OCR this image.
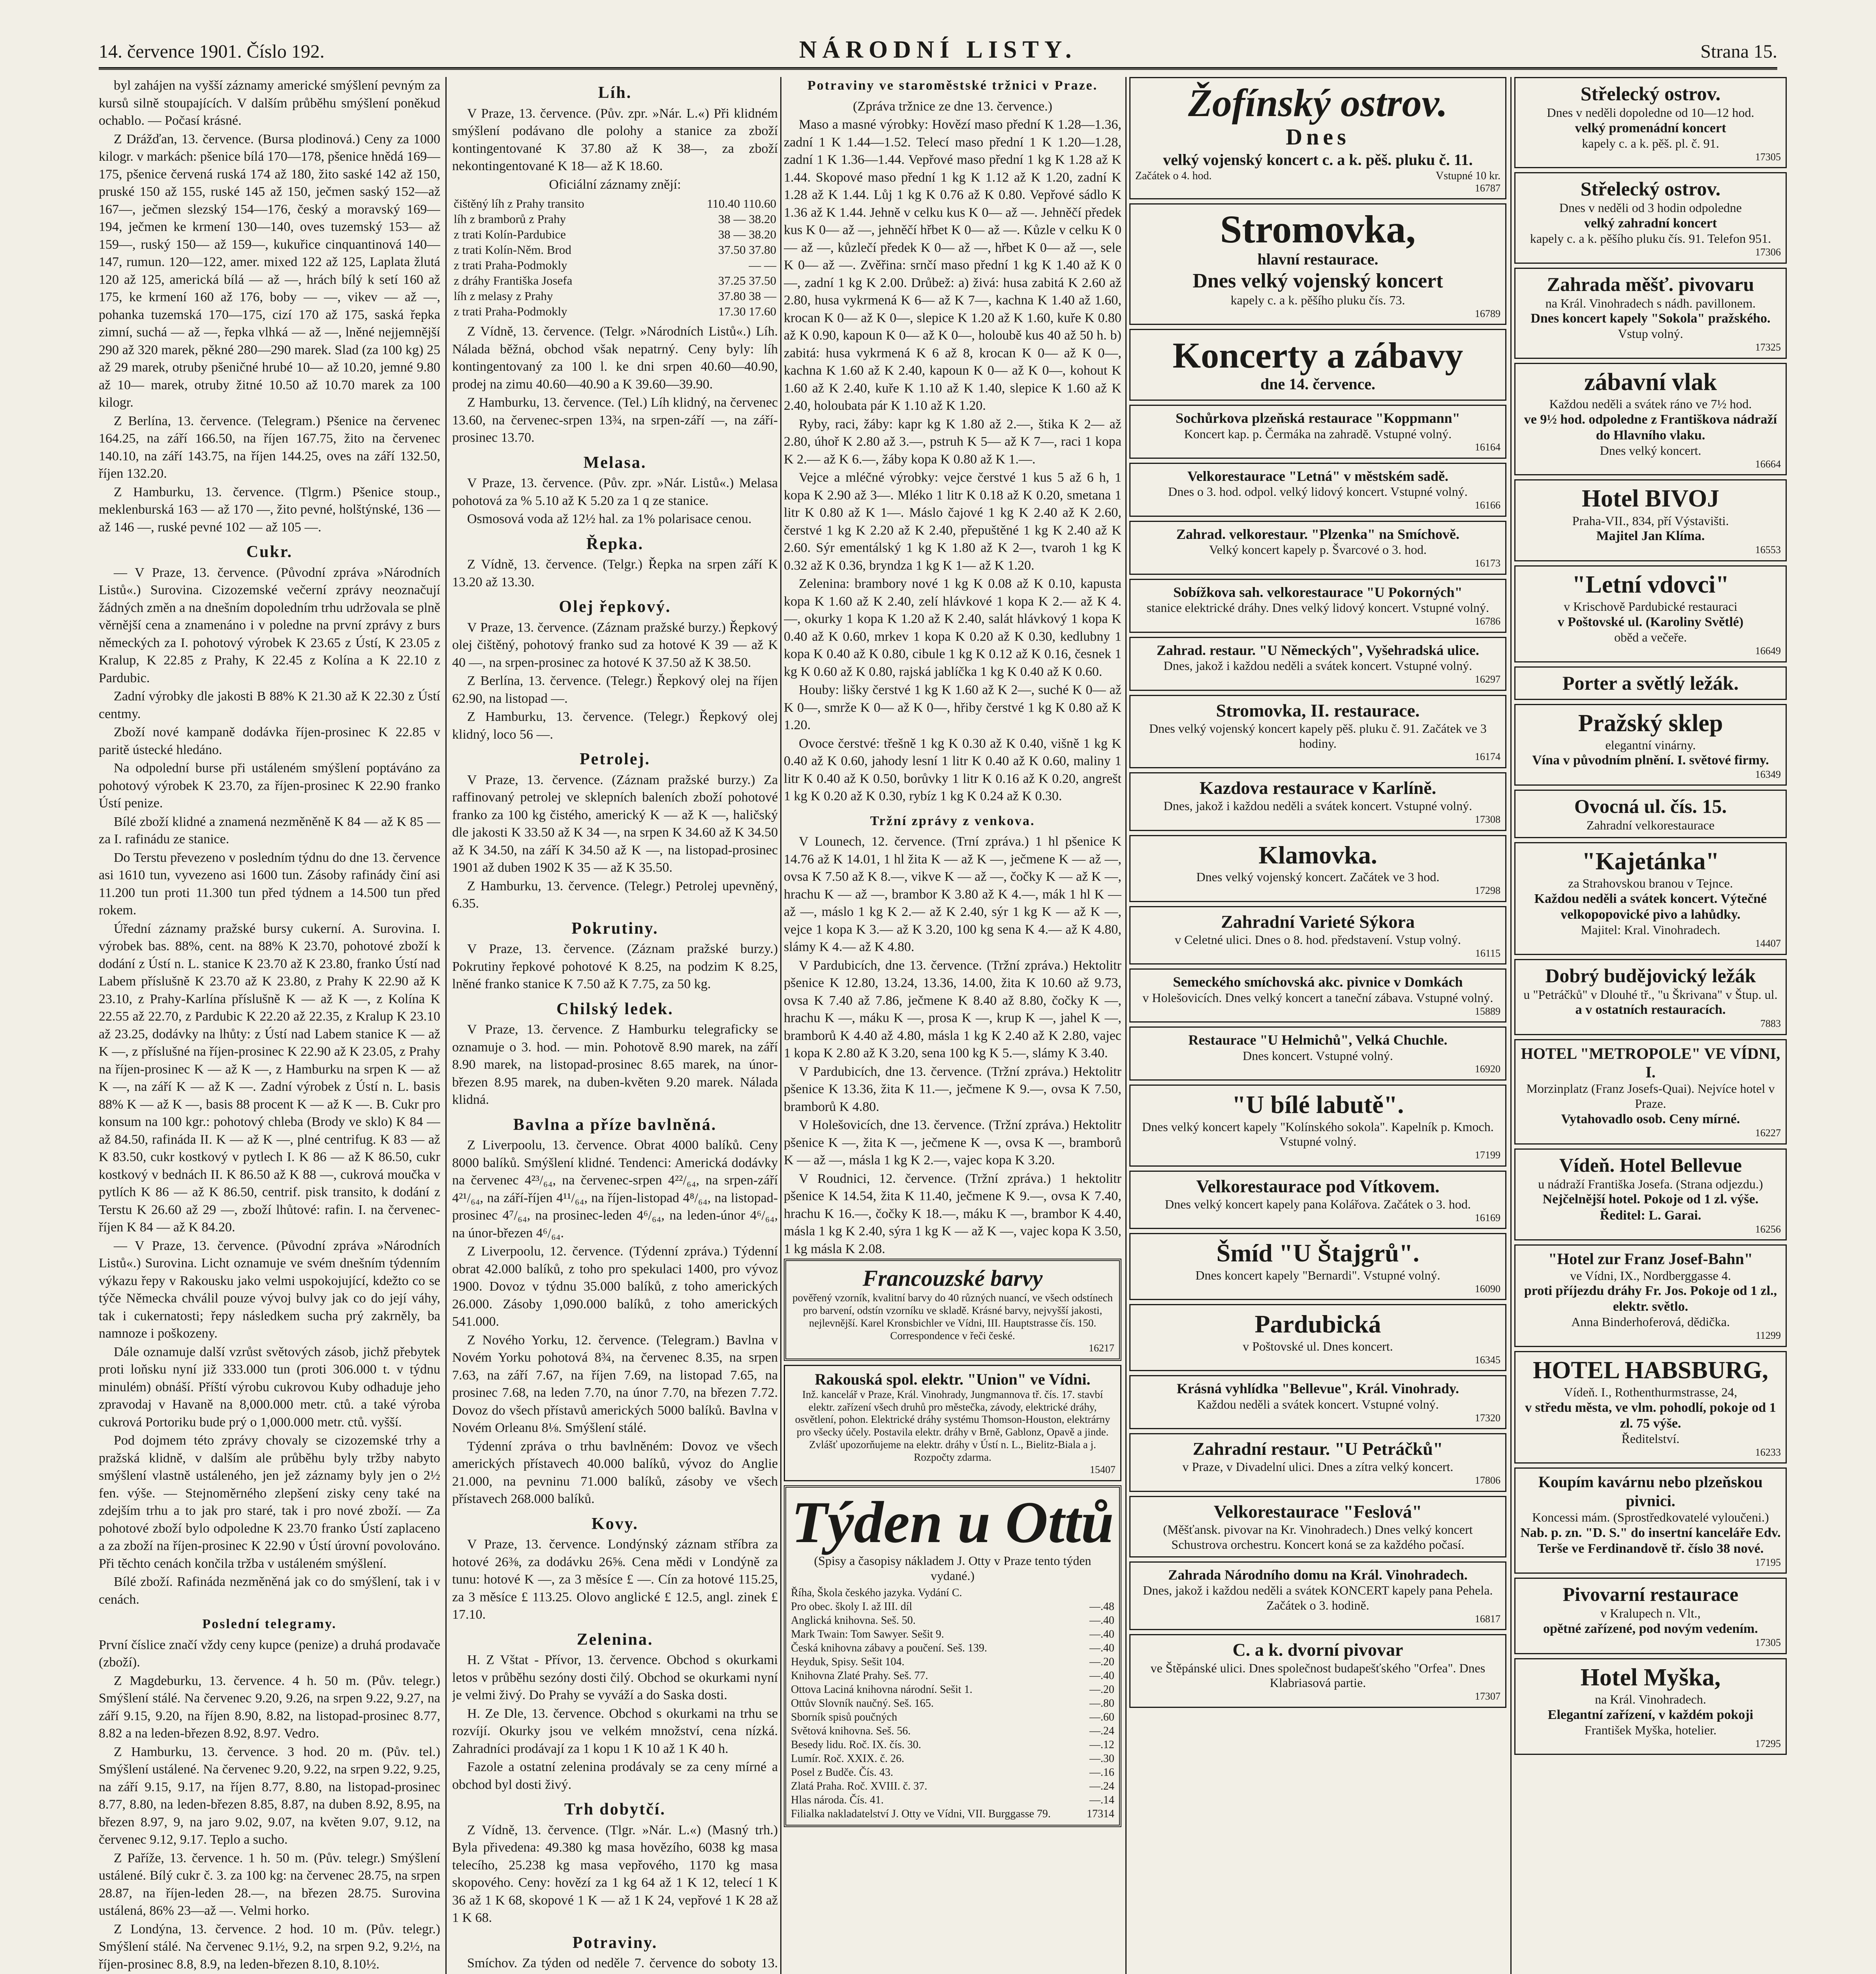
14. července 1901. Číslo 192.	NÁRODNÍ LISTY.	Strana 15.

byl zahájen na vyšší záznamy americké smýšlení pevným za kursů silně stoupajících. V dalším průběhu smýšlení poněkud ochablo. — Počasí krásné.

Z Drážďan, 13. července. (Bursa plodinová.) Ceny za 1000 kilogr. v markách: pšenice bílá 170—178, pšenice hnědá 169—175, pšenice červená ruská 174 až 180, žito saské 142 až 150, pruské 150 až 155, ruské 145 až 150, ječmen saský 152—až 167—, ječmen slezský 154—176, český a moravský 169—194, ječmen ke krmení 130—140, oves tuzemský 153— až 159—, ruský 150— až 159—, kukuřice cinquantinová 140—147, rumun. 120—122, amer. mixed 122 až 125, Laplata žlutá 120 až 125, americká bílá — až —, hrách bílý k setí 160 až 175, ke krmení 160 až 176, boby — —, vikev — až —, pohanka tuzemská 170—175, cizí 170 až 175, saská řepka zimní, suchá — až —, řepka vlhká — až —, lněné nejjemnější 290 až 320 marek, pěkné 280—290 marek. Slad (za 100 kg) 25 až 29 marek, otruby pšeničné hrubé 10— až 10.20, jemné 9.80 až 10— marek, otruby žitné 10.50 až 10.70 marek za 100 kilogr.

Z Berlína, 13. července. (Telegram.) Pšenice na červenec 164.25, na září 166.50, na říjen 167.75, žito na červenec 140.10, na září 143.75, na říjen 144.25, oves na září 132.50, říjen 132.20.

Z Hamburku, 13. července. (Tlgrm.) Pšenice stoup., meklenburská 163 — až 170 —, žito pevné, holštýnské, 136 — až 146 —, ruské pevné 102 — až 105 —.

Cukr.

— V Praze, 13. července. (Původní zpráva »Národních Listů«.) Surovina. Cizozemské večerní zprávy neoznačují žádných změn a na dnešním dopoledním trhu udržovala se plně věrnější cena a znamenáno i v poledne na první zprávy z burs německých za I. pohotový výrobek K 23.65 z Ústí, K 23.05 z Kralup, K 22.85 z Prahy, K 22.45 z Kolína a K 22.10 z Pardubic.

Zadní výrobky dle jakosti B 88% K 21.30 až K 22.30 z Ústí centmy.

Zboží nové kampaně dodávka říjen-prosinec K 22.85 v paritě ústecké hledáno.

Na odpolední burse při ustáleném smýšlení poptáváno za pohotový výrobek K 23.70, za říjen-prosinec K 22.90 franko Ústí penize.

Bílé zboží klidné a znamená nezměněně K 84 — až K 85 — za I. rafinádu ze stanice.

Do Terstu převezeno v posledním týdnu do dne 13. července asi 1610 tun, vyvezeno asi 1600 tun. Zásoby rafinády činí asi 11.200 tun proti 11.300 tun před týdnem a 14.500 tun před rokem.

Úřední záznamy pražské bursy cukerní. A. Surovina. I. výrobek bas. 88%, cent. na 88% K 23.70, pohotové zboží k dodání z Ústí n. L. stanice K 23.70 až K 23.80, franko Ústí nad Labem příslušně K 23.70 až K 23.80, z Prahy K 22.90 až K 23.10, z Prahy-Karlína příslušně K — až K —, z Kolína K 22.55 až 22.70, z Pardubic K 22.20 až 22.35, z Kralup K 23.10 až 23.25, dodávky na lhůty: z Ústí nad Labem stanice K — až K —, z příslušné na říjen-prosinec K 22.90 až K 23.05, z Prahy na říjen-prosinec K — až K —, z Hamburku na srpen K — až K —, na září K — až K —. Zadní výrobek z Ústí n. L. basis 88% K — až K —, basis 88 procent K — až K —. B. Cukr pro konsum na 100 kgr.: pohotový chleba (Brody ve sklo) K 84 — až 84.50, rafináda II. K — až K —, plné centrifug. K 83 — až K 83.50, cukr kostkový v pytlech I. K 86 — až K 86.50, cukr kostkový v bednách II. K 86.50 až K 88 —, cukrová moučka v pytlích K 86 — až K 86.50, centrif. pisk transito, k dodání z Terstu K 26.60 až 29 —, zboží lhůtové: rafin. I. na červenec-říjen K 84 — až K 84.20.

— V Praze, 13. července. (Původní zpráva »Národních Listů«.) Surovina. Licht oznamuje ve svém dnešním týdenním výkazu řepy v Rakousku jako velmi uspokojující, kdežto co se týče Německa chválil pouze vývoj bulvy jak co do její váhy, tak i cukernatosti; řepy následkem sucha prý zakrněly, ba namnoze i poškozeny.

Dále oznamuje další vzrůst světových zásob, jichž přebytek proti loňsku nyní již 333.000 tun (proti 306.000 t. v týdnu minulém) obnáší. Příští výrobu cukrovou Kuby odhaduje jeho zpravodaj v Havaně na 8,000.000 metr. ctů. a také výroba cukrová Portoriku bude prý o 1,000.000 metr. ctů. vyšší.

Pod dojmem této zprávy chovaly se cizozemské trhy a pražská klidně, v dalším ale průběhu byly tržby nabyto smýšlení vlastně ustáleného, jen jež záznamy byly jen o 2½ fen. výše. — Stejnoměrného zlepšení zisky ceny také na zdejším trhu a to jak pro staré, tak i pro nové zboží. — Za pohotové zboží bylo odpoledne K 23.70 franko Ústí zaplaceno a za zboží na říjen-prosinec K 22.90 v Ústí úrovní povolováno. Při těchto cenách končila tržba v ustáleném smýšlení.

Bílé zboží. Rafináda nezměněná jak co do smýšlení, tak i v cenách.

Poslední telegramy.

První číslice značí vždy ceny kupce (penize) a druhá prodavače (zboží).

Z Magdeburku, 13. července. 4 h. 50 m. (Pův. telegr.) Smýšlení stálé. Na červenec 9.20, 9.26, na srpen 9.22, 9.27, na září 9.15, 9.20, na říjen 8.90, 8.82, na listopad-prosinec 8.77, 8.82 a na leden-březen 8.92, 8.97. Vedro.

Z Hamburku, 13. července. 3 hod. 20 m. (Pův. tel.) Smýšlení ustálené. Na červenec 9.20, 9.22, na srpen 9.22, 9.25, na září 9.15, 9.17, na říjen 8.77, 8.80, na listopad-prosinec 8.77, 8.80, na leden-březen 8.85, 8.87, na duben 8.92, 8.95, na březen 8.97, 9, na jaro 9.02, 9.07, na květen 9.07, 9.12, na červenec 9.12, 9.17. Teplo a sucho.

Z Paříže, 13. července. 1 h. 50 m. (Pův. telegr.) Smýšlení ustálené. Bílý cukr č. 3. za 100 kg: na červenec 28.75, na srpen 28.87, na říjen-leden 28.—, na březen 28.75. Surovina ustálená, 86% 23—až —. Velmi horko.

Z Londýna, 13. července. 2 hod. 10 m. (Pův. telegr.) Smýšlení stálé. Na červenec 9.1½, 9.2, na srpen 9.2, 9.2½, na říjen-prosinec 8.8, 8.9, na leden-březen 8.10, 8.10½.

Líh.

V Praze, 13. července. (Pův. zpr. »Nár. L.«) Při klidném smýšlení podávano dle polohy a stanice za zboží kontingentované K 37.80 až K 38—, za zboží nekontingentované K 18— až K 18.60.

Oficiální záznamy znějí:

čištěný líh z Prahy transito	110.40 110.60
líh z bramborů z Prahy	38 — 38.20
z trati Kolín-Pardubice	38 — 38.20
z trati Kolín-Něm. Brod	37.50 37.80
z trati Praha-Podmokly	— —
z dráhy Františka Josefa	37.25 37.50
líh z melasy z Prahy	37.80 38 —
z trati Praha-Podmokly	17.30 17.60

Z Vídně, 13. července. (Telgr. »Národních Listů«.) Líh. Nálada běžná, obchod však nepatrný. Ceny byly: líh kontingentovaný za 100 l. ke dni srpen 40.60—40.90, prodej na zimu 40.60—40.90 a K 39.60—39.90.

Z Hamburku, 13. července. (Tel.) Líh klidný, na červenec 13.60, na červenec-srpen 13¾, na srpen-září —, na září-prosinec 13.70.

Melasa.

V Praze, 13. července. (Pův. zpr. »Nár. Listů«.) Melasa pohotová za % 5.10 až K 5.20 za 1 q ze stanice.

Osmosová voda až 12½ hal. za 1% polarisace cenou.

Řepka.

Z Vídně, 13. července. (Telgr.) Řepka na srpen září K 13.20 až 13.30.

Olej řepkový.

V Praze, 13. července. (Záznam pražské burzy.) Řepkový olej čištěný, pohotový franko sud za hotové K 39 — až K 40 —, na srpen-prosinec za hotové K 37.50 až K 38.50.

Z Berlína, 13. července. (Telegr.) Řepkový olej na říjen 62.90, na listopad —.

Z Hamburku, 13. července. (Telegr.) Řepkový olej klidný, loco 56 —.

Petrolej.

V Praze, 13. července. (Záznam pražské burzy.) Za raffinovaný petrolej ve sklepních baleních zboží pohotové franko za 100 kg čistého, americký K — až K —, haličský dle jakosti K 33.50 až K 34 —, na srpen K 34.60 až K 34.50 až K 34.50, na září K 34.50 až K —, na listopad-prosinec 1901 až duben 1902 K 35 — až K 35.50.

Z Hamburku, 13. července. (Telegr.) Petrolej upevněný, 6.35.

Pokrutiny.

V Praze, 13. července. (Záznam pražské burzy.) Pokrutiny řepkové pohotové K 8.25, na podzim K 8.25, lněné franko stanice K 7.50 až K 7.75, za 50 kg.

Chilský ledek.

V Praze, 13. července. Z Hamburku telegraficky se oznamuje o 3. hod. — min. Pohotově 8.90 marek, na září 8.90 marek, na listopad-prosinec 8.65 marek, na únor-březen 8.95 marek, na duben-květen 9.20 marek. Nálada klidná.

Bavlna a příze bavlněná.

Z Liverpoolu, 13. července. Obrat 4000 balíků. Ceny 8000 balíků. Smýšlení klidné. Tendenci: Americká dodávky na červenec 4²³/₆₄, na červenec-srpen 4²²/₆₄, na srpen-září 4²¹/₆₄, na září-říjen 4¹¹/₆₄, na říjen-listopad 4⁸/₆₄, na listopad-prosinec 4⁷/₆₄, na prosinec-leden 4⁶/₆₄, na leden-únor 4⁶/₆₄, na únor-březen 4⁶/₆₄.

Z Liverpoolu, 12. července. (Týdenní zpráva.) Týdenní obrat 42.000 balíků, z toho pro spekulaci 1400, pro vývoz 1900. Dovoz v týdnu 35.000 balíků, z toho amerických 26.000. Zásoby 1,090.000 balíků, z toho amerických 541.000.

Z Nového Yorku, 12. července. (Telegram.) Bavlna v Novém Yorku pohotová 8¾, na červenec 8.35, na srpen 7.63, na září 7.67, na říjen 7.69, na listopad 7.65, na prosinec 7.68, na leden 7.70, na únor 7.70, na březen 7.72. Dovoz do všech přístavů amerických 5000 balíků. Bavlna v Novém Orleanu 8⅛. Smýšlení stálé.

Týdenní zpráva o trhu bavlněném: Dovoz ve všech amerických přístavech 40.000 balíků, vývoz do Anglie 21.000, na pevninu 71.000 balíků, zásoby ve všech přístavech 268.000 balíků.

Kovy.

V Praze, 13. července. Londýnský záznam stříbra za hotové 26⅜, za dodávku 26⅝. Cena mědi v Londýně za tunu: hotové K —, za 3 měsíce £ —. Cín za hotové 115.25, za 3 měsíce £ 113.25. Olovo anglické £ 12.5, angl. zinek £ 17.10.

Zelenina.

H. Z Vštat - Přívor, 13. července. Obchod s okurkami letos v průběhu sezóny dosti čilý. Obchod se okurkami nyní je velmi živý. Do Prahy se vyváží a do Saska dosti.

H. Ze Dle, 13. července. Obchod s okurkami na trhu se rozvíjí. Okurky jsou ve velkém množství, cena nízká. Zahradníci prodávají za 1 kopu 1 K 10 až 1 K 40 h.

Fazole a ostatní zelenina prodávaly se za ceny mírné a obchod byl dosti živý.

Trh dobytčí.

Z Vídně, 13. července. (Tlgr. »Nár. L.«) (Masný trh.) Byla přivedena: 49.380 kg masa hovězího, 6038 kg masa telecího, 25.238 kg masa vepřového, 1170 kg masa skopového. Ceny: hovězí za 1 kg 64 až 1 K 12, telecí 1 K 36 až 1 K 68, skopové 1 K — až 1 K 24, vepřové 1 K 28 až 1 K 68.

Potraviny.

Smíchov. Za týden od neděle 7. července do soboty 13.

Potraviny ve staroměstské tržnici v Praze.

(Zpráva tržnice ze dne 13. července.)

Maso a masné výrobky: Hovězí maso přední K 1.28—1.36, zadní 1 K 1.44—1.52. Telecí maso přední 1 K 1.20—1.28, zadní 1 K 1.36—1.44. Vepřové maso přední 1 kg K 1.28 až K 1.44. Skopové maso přední 1 kg K 1.12 až K 1.20, zadní K 1.28 až K 1.44. Lůj 1 kg K 0.76 až K 0.80. Vepřové sádlo K 1.36 až K 1.44. Jehně v celku kus K 0— až —. Jehněčí předek kus K 0— až —, jehněčí hřbet K 0— až —. Kůzle v celku K 0— až —, kůzlečí předek K 0— až —, hřbet K 0— až —, sele K 0— až —. Zvěřina: srnčí maso přední 1 kg K 1.40 až K 0—, zadní 1 kg K 2.00. Drůbež: a) živá: husa zabitá K 2.60 až 2.80, husa vykrmená K 6— až K 7—, kachna K 1.40 až 1.60, krocan K 0— až K 0—, slepice K 1.20 až K 1.60, kuře K 0.80 až K 0.90, kapoun K 0— až K 0—, holoubě kus 40 až 50 h. b) zabitá: husa vykrmená K 6 až 8, krocan K 0— až K 0—, kachna K 1.60 až K 2.40, kapoun K 0— až K 0—, kohout K 1.60 až K 2.40, kuře K 1.10 až K 1.40, slepice K 1.60 až K 2.40, holoubata pár K 1.10 až K 1.20.

Ryby, raci, žáby: kapr kg K 1.80 až 2.—, štika K 2— až 2.80, úhoř K 2.80 až 3.—, pstruh K 5— až K 7—, raci 1 kopa K 2.— až K 6.—, žáby kopa K 0.80 až K 1.—.

Vejce a mléčné výrobky: vejce čerstvé 1 kus 5 až 6 h, 1 kopa K 2.90 až 3—. Mléko 1 litr K 0.18 až K 0.20, smetana 1 litr K 0.80 až K 1—. Máslo čajové 1 kg K 2.40 až K 2.60, čerstvé 1 kg K 2.20 až K 2.40, přepuštěné 1 kg K 2.40 až K 2.60. Sýr ementálský 1 kg K 1.80 až K 2—, tvaroh 1 kg K 0.32 až K 0.36, bryndza 1 kg K 1— až K 1.20.

Zelenina: brambory nové 1 kg K 0.08 až K 0.10, kapusta kopa K 1.60 až K 2.40, zelí hlávkové 1 kopa K 2.— až K 4.—, okurky 1 kopa K 1.20 až K 2.40, salát hlávkový 1 kopa K 0.40 až K 0.60, mrkev 1 kopa K 0.20 až K 0.30, kedlubny 1 kopa K 0.40 až K 0.80, cibule 1 kg K 0.12 až K 0.16, česnek 1 kg K 0.60 až K 0.80, rajská jablíčka 1 kg K 0.40 až K 0.60.

Houby: lišky čerstvé 1 kg K 1.60 až K 2—, suché K 0— až K 0—, smrže K 0— až K 0—, hřiby čerstvé 1 kg K 0.80 až K 1.20.

Ovoce čerstvé: třešně 1 kg K 0.30 až K 0.40, višně 1 kg K 0.40 až K 0.60, jahody lesní 1 litr K 0.40 až K 0.60, maliny 1 litr K 0.40 až K 0.50, borůvky 1 litr K 0.16 až K 0.20, angrešt 1 kg K 0.20 až K 0.30, rybíz 1 kg K 0.24 až K 0.30.

Tržní zprávy z venkova.

V Lounech, 12. července. (Trní zpráva.) 1 hl pšenice K 14.76 až K 14.01, 1 hl žita K — až K —, ječmene K — až —, ovsa K 7.50 až K 8.—, vikve K — až —, čočky K — až K —, hrachu K — až —, brambor K 3.80 až K 4.—, mák 1 hl K — až —, máslo 1 kg K 2.— až K 2.40, sýr 1 kg K — až K —, vejce 1 kopa K 3.— až K 3.20, 100 kg sena K 4.— až K 4.80, slámy K 4.— až K 4.80.

V Pardubicích, dne 13. července. (Tržní zpráva.) Hektolitr pšenice K 12.80, 13.24, 13.36, 14.00, žita K 10.60 až 9.73, ovsa K 7.40 až 7.86, ječmene K 8.40 až 8.80, čočky K —, hrachu K —, máku K —, prosa K —, krup K —, jahel K —, bramborů K 4.40 až 4.80, másla 1 kg K 2.40 až K 2.80, vajec 1 kopa K 2.80 až K 3.20, sena 100 kg K 5.—, slámy K 3.40.

V Pardubicích, dne 13. července. (Tržní zpráva.) Hektolitr pšenice K 13.36, žita K 11.—, ječmene K 9.—, ovsa K 7.50, bramborů K 4.80.

V Holešovicích, dne 13. července. (Tržní zpráva.) Hektolitr pšenice K —, žita K —, ječmene K —, ovsa K —, bramborů K — až —, másla 1 kg K 2.—, vajec kopa K 3.20.

V Roudnici, 12. července. (Tržní zpráva.) 1 hektolitr pšenice K 14.54, žita K 11.40, ječmene K 9.—, ovsa K 7.40, hrachu K 16.—, čočky K 18.—, máku K —, brambor K 4.40, másla 1 kg K 2.40, sýra 1 kg K — až K —, vajec kopa K 3.50, 1 kg másla K 2.08.

Francouzské barvy
pověřený vzorník, kvalitní barvy do 40 různých nuancí, ve všech odstínech pro barvení, odstín vzorníku ve skladě. Krásné barvy, nejvyšší jakosti, nejlevnější. Karel Kronsbichler ve Vídni, III. Hauptstrasse čís. 150. Correspondence v řeči české.
16217
Rakouská spol. elektr. "Union" ve Vídni.
Inž. kancelář v Praze, Král. Vinohrady, Jungmannova tř. čís. 17. stavbí elektr. zařízení všech druhů pro městečka, závody, elektrické dráhy, osvětlení, pohon. Elektrické dráhy systému Thomson-Houston, elektrárny pro všecky účely. Postavila elektr. dráhy v Brně, Gablonz, Opavě a jinde. Zvlášť upozorňujeme na elektr. dráhy v Ústí n. L., Bielitz-Biala a j. Rozpočty zdarma.
15407
Týden u Ottů
(Spisy a časopisy nákladem J. Otty v Praze tento týden vydané.)
Říha, Škola českého jazyka. Vydání C.
Pro obec. školy I. až III. díl	—.48
Anglická knihovna. Seš. 50.	—.40
Mark Twain: Tom Sawyer. Sešit 9.	—.40
Česká knihovna zábavy a poučení. Seš. 139.	—.40
Heyduk, Spisy. Sešit 104.	—.20
Knihovna Zlaté Prahy. Seš. 77.	—.40
Ottova Laciná knihovna národní. Sešit 1.	—.20
Ottův Slovník naučný. Seš. 165.	—.80
Sborník spisů poučných	—.60
Světová knihovna. Seš. 56.	—.24
Besedy lidu. Roč. IX. čís. 30.	—.12
Lumír. Roč. XXIX. č. 26.	—.30
Posel z Budče. Čís. 43.	—.16
Zlatá Praha. Roč. XVIII. č. 37.	—.24
Hlas národa. Čís. 41.	—.14
Filialka nakladatelství J. Otty ve Vídni, VII. Burggasse 79.	17314
Žofínský ostrov.
Dnes
velký vojenský koncert c. a k. pěš. pluku č. 11.
Začátek o 4. hod.	Vstupné 10 kr.
16787
Stromovka,
hlavní restaurace.
Dnes velký vojenský koncert
kapely c. a k. pěšího pluku čís. 73.
16789
Koncerty a zábavy
dne 14. července.
Sochůrkova plzeňská restaurace "Koppmann"
Koncert kap. p. Čermáka na zahradě. Vstupné volný.
16164
Velkorestaurace "Letná" v městském sadě.
Dnes o 3. hod. odpol. velký lidový koncert. Vstupné volný.
16166
Zahrad. velkorestaur. "Plzenka" na Smíchově.
Velký koncert kapely p. Švarcové o 3. hod.
16173
Sobížkova sah. velkorestaurace "U Pokorných"
stanice elektrické dráhy. Dnes velký lidový koncert. Vstupné volný.
16786
Zahrad. restaur. "U Německých", Vyšehradská ulice.
Dnes, jakož i každou neděli a svátek koncert. Vstupné volný.
16297
Stromovka, II. restaurace.
Dnes velký vojenský koncert kapely pěš. pluku č. 91. Začátek ve 3 hodiny.
16174
Kazdova restaurace v Karlíně.
Dnes, jakož i každou neděli a svátek koncert. Vstupné volný.
17308
Klamovka.
Dnes velký vojenský koncert. Začátek ve 3 hod.
17298
Zahradní Varieté Sýkora
v Celetné ulici. Dnes o 8. hod. představení. Vstup volný.
16115
Semeckého smíchovská akc. pivnice v Domkách
v Holešovicích. Dnes velký koncert a taneční zábava. Vstupné volný.
15889
Restaurace "U Helmichů", Velká Chuchle.
Dnes koncert. Vstupné volný.
16920
"U bílé labutě".
Dnes velký koncert kapely "Kolínského sokola". Kapelník p. Kmoch. Vstupné volný.
17199
Velkorestaurace pod Vítkovem.
Dnes velký koncert kapely pana Kolářova. Začátek o 3. hod.
16169
Šmíd "U Štajgrů".
Dnes koncert kapely "Bernardi". Vstupné volný.
16090
Pardubická
v Poštovské ul. Dnes koncert.
16345
Krásná vyhlídka "Bellevue", Král. Vinohrady.
Každou neděli a svátek koncert. Vstupné volný.
17320
Zahradní restaur. "U Petráčků"
v Praze, v Divadelní ulici. Dnes a zítra velký koncert.
17806
Velkorestaurace "Feslová"
(Měšťansk. pivovar na Kr. Vinohradech.) Dnes velký koncert Schustrova orchestru. Koncert koná se za každého počasí.
Zahrada Národního domu na Král. Vinohradech.
Dnes, jakož i každou neděli a svátek KONCERT kapely pana Pehela. Začátek o 3. hodině.
16817
C. a k. dvorní pivovar
ve Štěpánské ulici. Dnes společnost budapešťského "Orfea". Dnes Klabriasová partie.
17307
Střelecký ostrov.
Dnes v neděli dopoledne od 10—12 hod.
velký promenádní koncert
kapely c. a k. pěš. pl. č. 91.
17305
Střelecký ostrov.
Dnes v neděli od 3 hodin odpoledne
velký zahradní koncert
kapely c. a k. pěšího pluku čís. 91. Telefon 951.
17306
Zahrada měšť. pivovaru
na Král. Vinohradech s nádh. pavillonem.
Dnes koncert kapely "Sokola" pražského.
Vstup volný.
17325
zábavní vlak
Každou neděli a svátek ráno ve 7½ hod.
ve 9½ hod. odpoledne z Františkova nádraží do Hlavního vlaku.
Dnes velký koncert.
16664
Hotel BIVOJ
Praha-VII., 834, pří Výstavišti.
Majitel Jan Klíma.
16553
"Letní vdovci"
v Krischově Pardubické restauraci
v Poštovské ul. (Karoliny Světlé)
oběd a večeře.
16649
Porter a světlý ležák.
Pražský sklep
elegantní vinárny.
Vína v původním plnění. I. světové firmy.
16349
Ovocná ul. čís. 15.
Zahradní velkorestaurace
"Kajetánka"
za Strahovskou branou v Tejnce.
Každou neděli a svátek koncert. Výtečné velkopopovické pivo a lahůdky.
Majitel: Kral. Vinohradech.
14407
Dobrý budějovický ležák
u "Petráčků" v Dlouhé tř., "u Škrivana" v Štup. ul.
a v ostatních restauracích.
7883
HOTEL "METROPOLE" VE VÍDNI, I.
Morzinplatz (Franz Josefs-Quai). Nejvíce hotel v Praze.
Vytahovadlo osob. Ceny mírné.
16227
Vídeň. Hotel Bellevue
u nádraží Františka Josefa. (Strana odjezdu.)
Nejčelnější hotel. Pokoje od 1 zl. výše. Ředitel: L. Garai.
16256
"Hotel zur Franz Josef-Bahn"
ve Vídni, IX., Nordberggasse 4.
proti příjezdu dráhy Fr. Jos. Pokoje od 1 zl., elektr. světlo.
Anna Binderhoferová, dědička.
11299
HOTEL HABSBURG,
Vídeň. I., Rothenthurmstrasse, 24,
v středu města, ve vlm. pohodlí, pokoje od 1 zl. 75 výše.
Ředitelství.
16233
Koupím kavárnu nebo plzeňskou pivnici.
Koncessi mám. (Sprostředkovatelé vyloučeni.)
Nab. p. zn. "D. S." do insertní kanceláře Edv. Terše ve Ferdinandově tř. číslo 38 nové.
17195
Pivovarní restaurace
v Kralupech n. Vlt.,
opětné zařízené, pod novým vedením.
17305
Hotel Myška,
na Král. Vinohradech.
Elegantní zařízení, v každém pokoji
František Myška, hotelier.
17295
